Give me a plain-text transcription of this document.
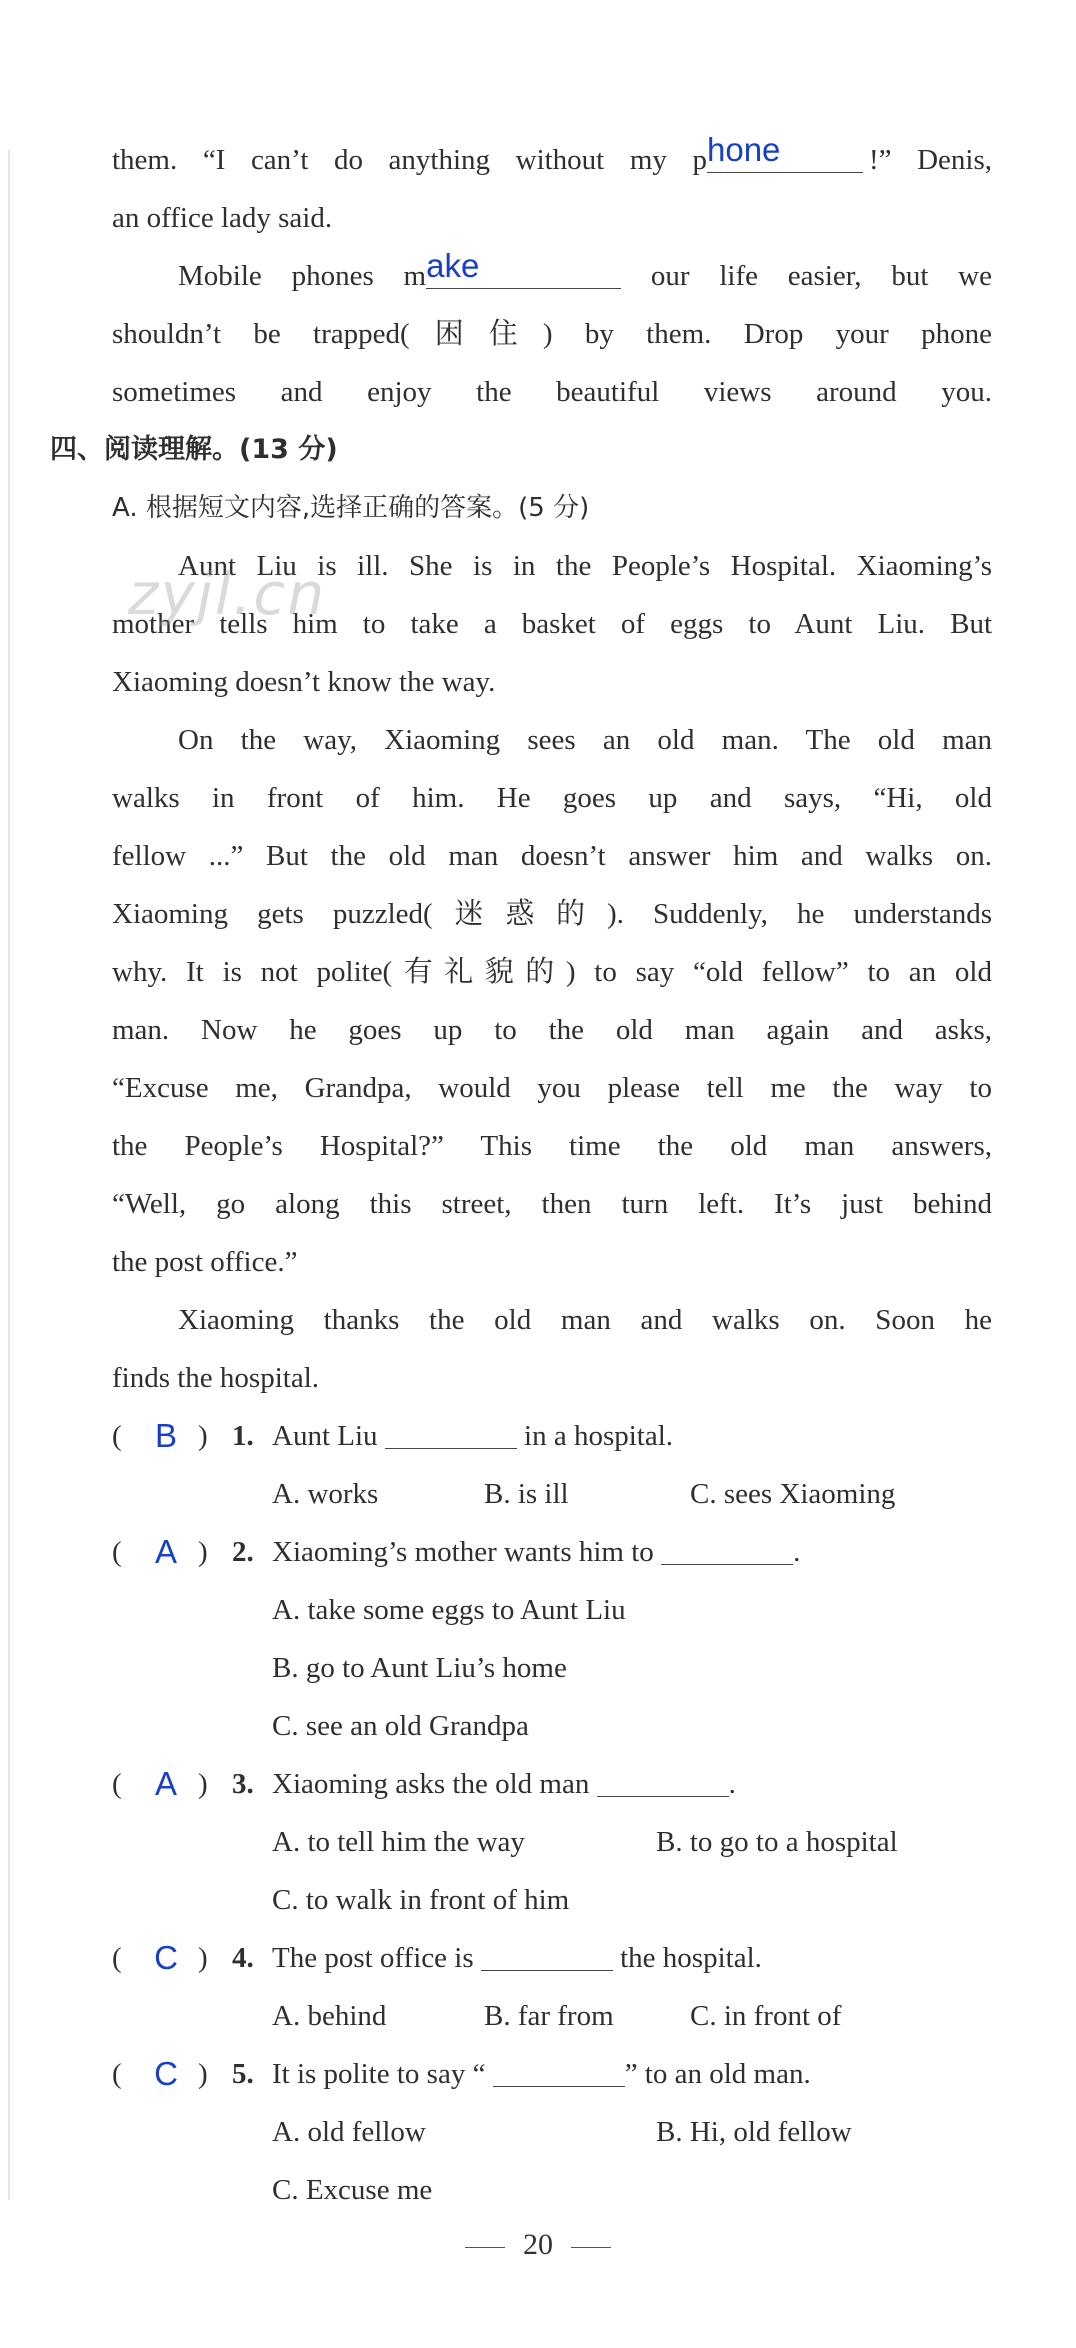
them. “I can’t do anything without my p hone	!” Denis,
an office lady said.
Mobile phones m ake	our life easier, but we
shouldn’t be trapped(困住) by them. Drop your phone
sometimes and enjoy the beautiful views around you.
四、阅读理解。(13 分)
A. 根据短文内容,选择正确的答案。(5 分)
Aunt Liu is ill. She is in the People’s Hospital. Xiaoming’s
mother tells him to take a basket of eggs to Aunt Liu. But
Xiaoming doesn’t know the way.
On the way, Xiaoming sees an old man. The old man
walks in front of him. He goes up and says, “Hi, old
fellow ...” But the old man doesn’t answer him and walks on.
Xiaoming gets puzzled(迷惑的). Suddenly, he understands
why. It is not polite(有礼貌的) to say “old fellow” to an old
man. Now he goes up to the old man again and asks,
“Excuse me, Grandpa, would you please tell me the way to
the People’s Hospital?” This time the old man answers,
“Well, go along this street, then turn left. It’s just behind
the post office.”
Xiaoming thanks the old man and walks on. Soon he
finds the hospital.
zyjl.cn
(	B ) 1. Aunt Liu	in a hospital.
A. works	B. is ill	C. sees Xiaoming
(	A ) 2. Xiaoming’s mother wants him to	.
A. take some eggs to Aunt Liu
B. go to Aunt Liu’s home
C. see an old Grandpa
(	A ) 3. Xiaoming asks the old man	.
A. to tell him the way	B. to go to a hospital
C. to walk in front of him
( C ) 4. The post office is	the hospital.
A. behind	B. far from	C. in front of
( C ) 5. It is polite to say “	” to an old man.
A. old fellow	B. Hi, old fellow
C. Excuse me
20
